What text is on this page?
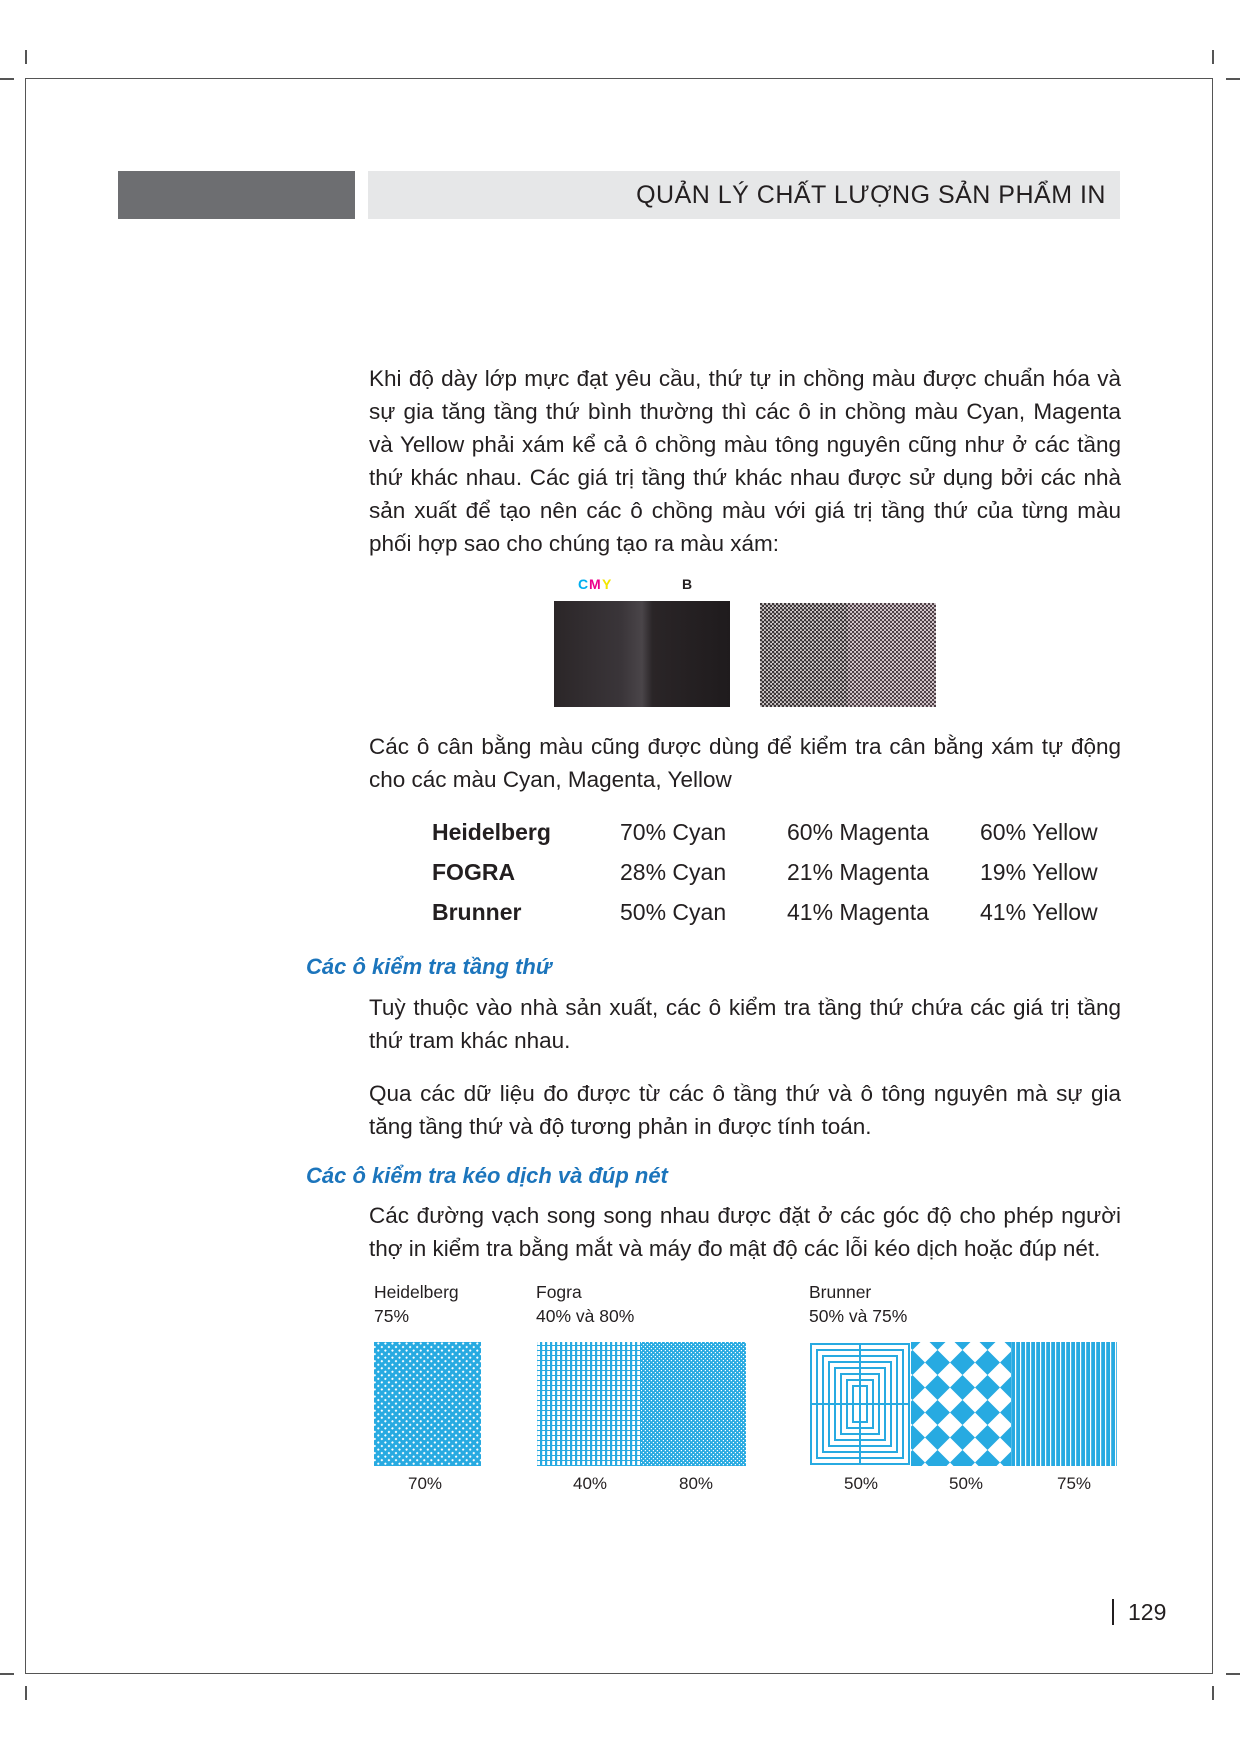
QUẢN LÝ CHẤT LƯỢNG SẢN PHẨM IN

Khi độ dày lớp mực đạt yêu cầu, thứ tự in chồng màu được chuẩn hóa và sự gia tăng tầng thứ bình thường thì các ô in chồng màu Cyan, Magenta và Yellow phải xám kể cả ô chồng màu tông nguyên cũng như ở các tầng thứ khác nhau. Các giá trị tầng thứ khác nhau được sử dụng bởi các nhà sản xuất để tạo nên các ô chồng màu với giá trị tầng thứ của từng màu phối hợp sao cho chúng tạo ra màu xám:

C M Y	B

Các ô cân bằng màu cũng được dùng để kiểm tra cân bằng xám tự động cho các màu Cyan, Magenta, Yellow

Heidelberg	70% Cyan	60% Magenta	60% Yellow
FOGRA	28% Cyan	21% Magenta	19% Yellow
Brunner	50% Cyan	41% Magenta	41% Yellow
Các ô kiểm tra tầng thứ

Tuỳ thuộc vào nhà sản xuất, các ô kiểm tra tầng thứ chứa các giá trị tầng thứ tram khác nhau.

Qua các dữ liệu đo được từ các ô tầng thứ và ô tông nguyên mà sự gia tăng tầng thứ và độ tương phản in được tính toán.

Các ô kiểm tra kéo dịch và đúp nét

Các đường vạch song song nhau được đặt ở các góc độ cho phép người thợ in kiểm tra bằng mắt và máy đo mật độ các lỗi kéo dịch hoặc đúp nét.

Heidelberg
75%
Fogra
40% và 80%
Brunner
50% và 75%
70%	40%	80%	50%	50%	75%
129
